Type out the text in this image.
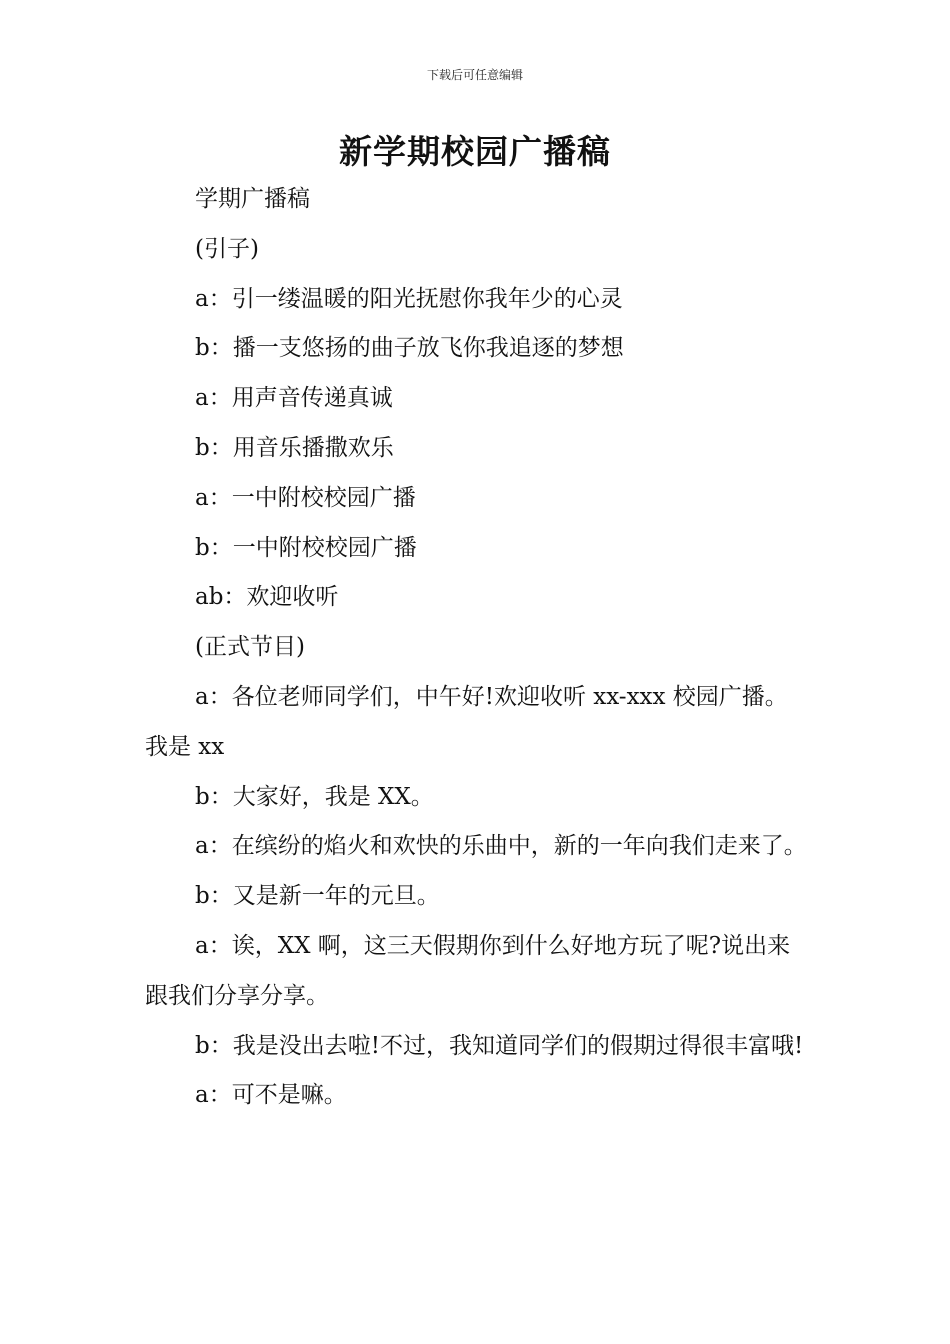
下载后可任意编辑
新学期校园广播稿

学期广播稿

(引子)

a：引一缕温暖的阳光抚慰你我年少的心灵

b：播一支悠扬的曲子放飞你我追逐的梦想

a：用声音传递真诚

b：用音乐播撒欢乐

a：一中附校校园广播

b：一中附校校园广播

ab：欢迎收听

(正式节目)

a：各位老师同学们，中午好!欢迎收听 xx-xxx 校园广播。我是 xx

b：大家好，我是 XX。

a：在缤纷的焰火和欢快的乐曲中，新的一年向我们走来了。

b：又是新一年的元旦。

a：诶，XX 啊，这三天假期你到什么好地方玩了呢?说出来跟我们分享分享。

b：我是没出去啦!不过，我知道同学们的假期过得很丰富哦!

a：可不是嘛。
